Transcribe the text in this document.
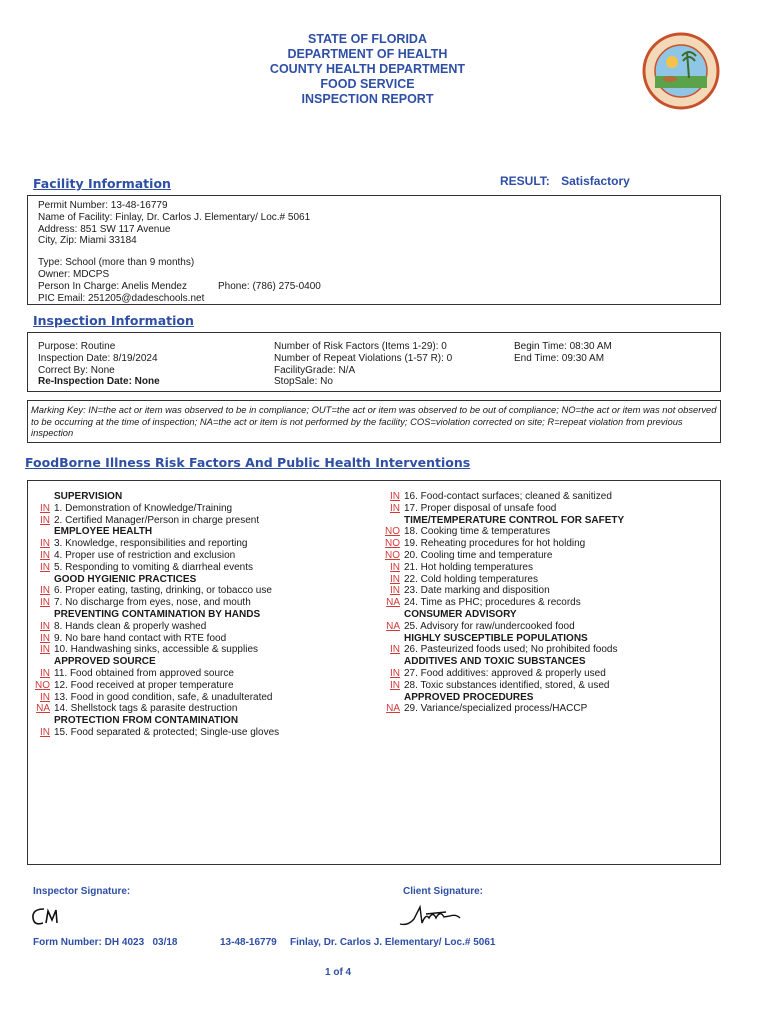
STATE OF FLORIDA
DEPARTMENT OF HEALTH
COUNTY HEALTH DEPARTMENT
FOOD SERVICE
INSPECTION REPORT
Facility Information	RESULT: Satisfactory
Permit Number: 13-48-16779
Name of Facility: Finlay, Dr. Carlos J. Elementary/ Loc.# 5061
Address: 851 SW 117 Avenue
City, Zip: Miami 33184
Type: School (more than 9 months)
Owner: MDCPS
Person In Charge: Anelis Mendez	Phone: (786) 275-0400
PIC Email: 251205@dadeschools.net
Inspection Information
Purpose: Routine
Inspection Date: 8/19/2024
Correct By: None
Re-Inspection Date: None
Number of Risk Factors (Items 1-29): 0
Number of Repeat Violations (1-57 R): 0
FacilityGrade: N/A
StopSale: No
Begin Time: 08:30 AM
End Time: 09:30 AM
Marking Key: IN=the act or item was observed to be in compliance; OUT=the act or item was observed to be out of compliance; NO=the act or item was not observed to be occurring at the time of inspection; NA=the act or item is not performed by the facility; COS=violation corrected on site; R=repeat violation from previous inspection
FoodBorne Illness Risk Factors And Public Health Interventions
SUPERVISION
IN 1. Demonstration of Knowledge/Training
IN 2. Certified Manager/Person in charge present
EMPLOYEE HEALTH
IN 3. Knowledge, responsibilities and reporting
IN 4. Proper use of restriction and exclusion
IN 5. Responding to vomiting & diarrheal events
GOOD HYGIENIC PRACTICES
IN 6. Proper eating, tasting, drinking, or tobacco use
IN 7. No discharge from eyes, nose, and mouth
PREVENTING CONTAMINATION BY HANDS
IN 8. Hands clean & properly washed
IN 9. No bare hand contact with RTE food
IN 10. Handwashing sinks, accessible & supplies
APPROVED SOURCE
IN 11. Food obtained from approved source
NO 12. Food received at proper temperature
IN 13. Food in good condition, safe, & unadulterated
NA 14. Shellstock tags & parasite destruction
PROTECTION FROM CONTAMINATION
IN 15. Food separated & protected; Single-use gloves
IN 16. Food-contact surfaces; cleaned & sanitized
IN 17. Proper disposal of unsafe food
TIME/TEMPERATURE CONTROL FOR SAFETY
NO 18. Cooking time & temperatures
NO 19. Reheating procedures for hot holding
NO 20. Cooling time and temperature
IN 21. Hot holding temperatures
IN 22. Cold holding temperatures
IN 23. Date marking and disposition
NA 24. Time as PHC; procedures & records
CONSUMER ADVISORY
NA 25. Advisory for raw/undercooked food
HIGHLY SUSCEPTIBLE POPULATIONS
IN 26. Pasteurized foods used; No prohibited foods
ADDITIVES AND TOXIC SUBSTANCES
IN 27. Food additives: approved & properly used
IN 28. Toxic substances identified, stored, & used
APPROVED PROCEDURES
NA 29. Variance/specialized process/HACCP
Inspector Signature:	Client Signature:
Form Number: DH 4023   03/18	13-48-16779 Finlay, Dr. Carlos J. Elementary/ Loc.# 5061
1 of 4
